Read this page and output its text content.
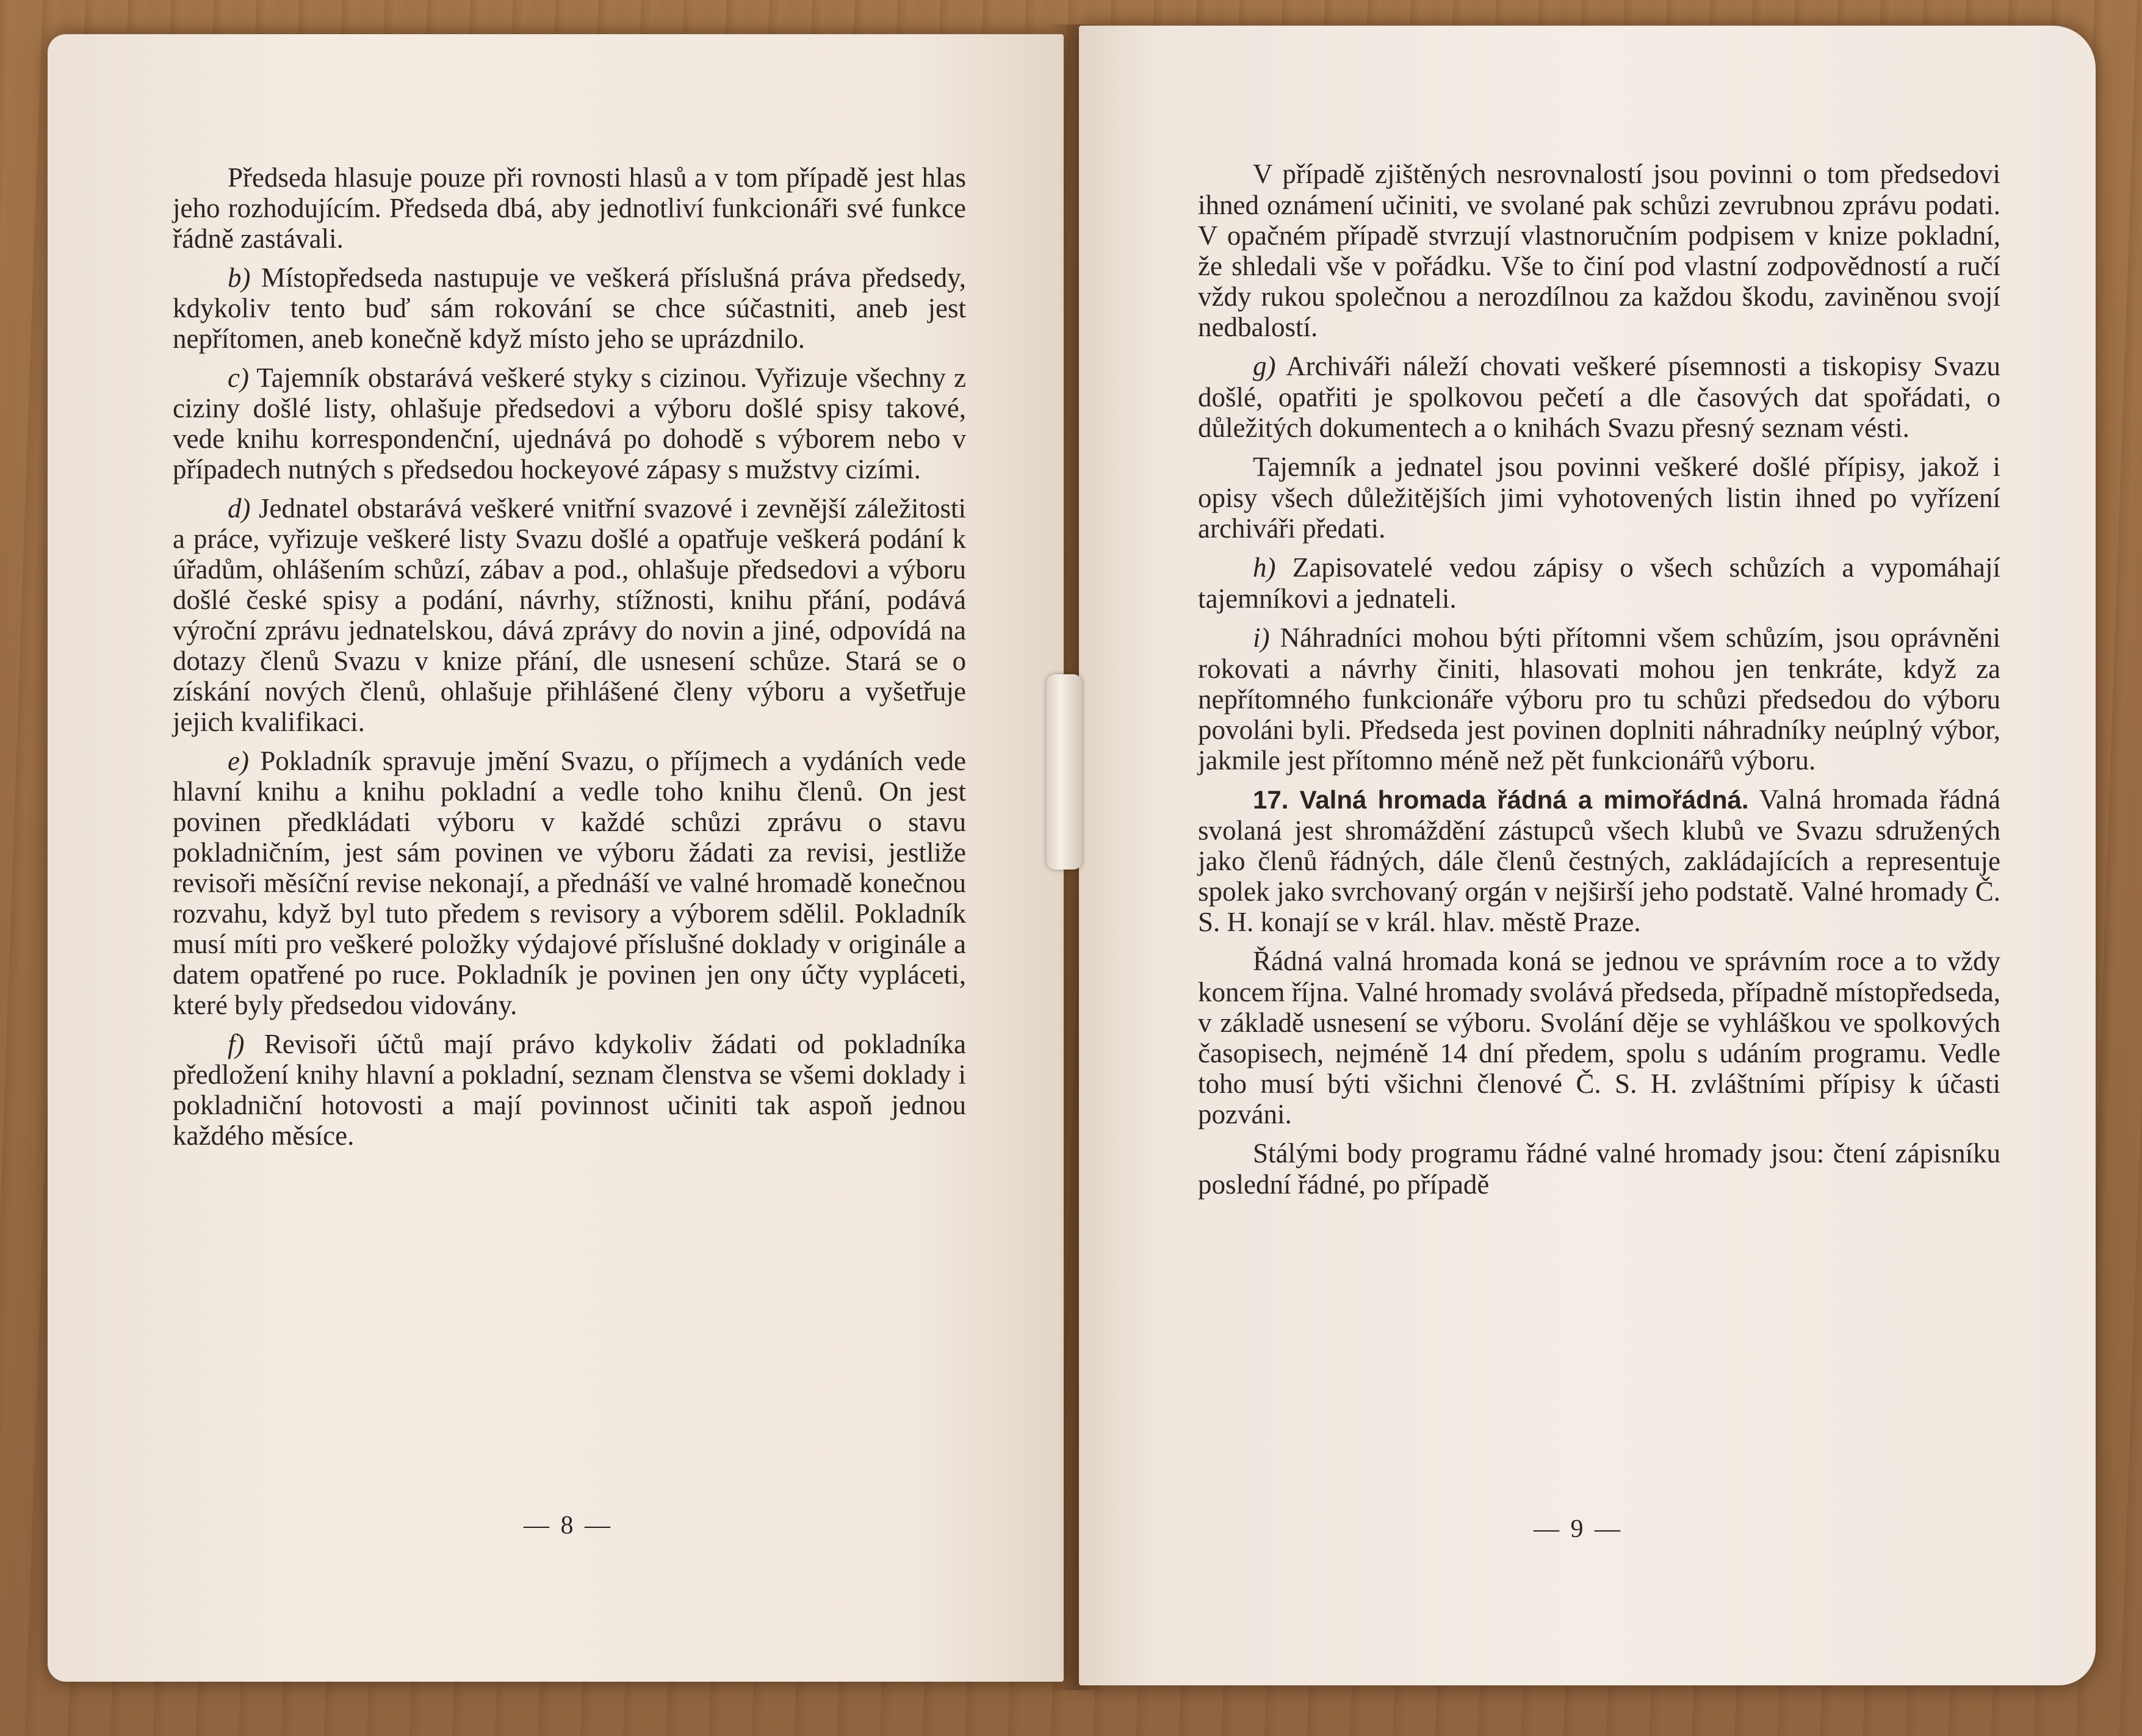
Předseda hlasuje pouze při rovnosti hlasů a v tom případě jest hlas jeho rozhodujícím. Předseda dbá, aby jednotliví funkcionáři své funkce řádně zastávali.

b) Místopředseda nastupuje ve veškerá příslušná práva předsedy, kdykoliv tento buď sám rokování se chce súčastniti, aneb jest nepřítomen, aneb konečně když místo jeho se uprázdnilo.

c) Tajemník obstarává veškeré styky s cizinou. Vyřizuje všechny z ciziny došlé listy, ohlašuje předsedovi a výboru došlé spisy takové, vede knihu korrespondenční, ujednává po dohodě s výborem nebo v případech nutných s předsedou hockeyové zápasy s mužstvy cizími.

d) Jednatel obstarává veškeré vnitřní svazové i zevnější záležitosti a práce, vyřizuje veškeré listy Svazu došlé a opatřuje veškerá podání k úřadům, ohlášením schůzí, zábav a pod., ohlašuje předsedovi a výboru došlé české spisy a podání, návrhy, stížnosti, knihu přání, podává výroční zprávu jednatelskou, dává zprávy do novin a jiné, odpovídá na dotazy členů Svazu v knize přání, dle usnesení schůze. Stará se o získání nových členů, ohlašuje přihlášené členy výboru a vyšetřuje jejich kvalifikaci.

e) Pokladník spravuje jmění Svazu, o příjmech a vydáních vede hlavní knihu a knihu pokladní a vedle toho knihu členů. On jest povinen předkládati výboru v každé schůzi zprávu o stavu pokladničním, jest sám povinen ve výboru žádati za revisi, jestliže revisoři měsíční revise nekonají, a přednáší ve valné hromadě konečnou rozvahu, když byl tuto předem s revisory a výborem sdělil. Pokladník musí míti pro veškeré položky výdajové příslušné doklady v originále a datem opatřené po ruce. Pokladník je povinen jen ony účty vypláceti, které byly předsedou vidovány.

f) Revisoři účtů mají právo kdykoliv žádati od pokladníka předložení knihy hlavní a pokladní, seznam členstva se všemi doklady i pokladniční hotovosti a mají povinnost učiniti tak aspoň jednou každého měsíce.

— 8 —

V případě zjištěných nesrovnalostí jsou povinni o tom předsedovi ihned oznámení učiniti, ve svolané pak schůzi zevrubnou zprávu podati. V opačném případě stvrzují vlastnoručním podpisem v knize pokladní, že shledali vše v pořádku. Vše to činí pod vlastní zodpovědností a ručí vždy rukou společnou a nerozdílnou za každou škodu, zaviněnou svojí nedbalostí.

g) Archiváři náleží chovati veškeré písemnosti a tiskopisy Svazu došlé, opatřiti je spolkovou pečetí a dle časových dat spořádati, o důležitých dokumentech a o knihách Svazu přesný seznam vésti.

Tajemník a jednatel jsou povinni veškeré došlé přípisy, jakož i opisy všech důležitějších jimi vyhotovených listin ihned po vyřízení archiváři předati.

h) Zapisovatelé vedou zápisy o všech schůzích a vypomáhají tajemníkovi a jednateli.

i) Náhradníci mohou býti přítomni všem schůzím, jsou oprávněni rokovati a návrhy činiti, hlasovati mohou jen tenkráte, když za nepřítomného funkcionáře výboru pro tu schůzi předsedou do výboru povoláni byli. Předseda jest povinen doplniti náhradníky neúplný výbor, jakmile jest přítomno méně než pět funkcionářů výboru.

17. Valná hromada řádná a mimořádná. Valná hromada řádná svolaná jest shromáždění zástupců všech klubů ve Svazu sdružených jako členů řádných, dále členů čestných, zakládajících a representuje spolek jako svrchovaný orgán v nejširší jeho podstatě. Valné hromady Č. S. H. konají se v král. hlav. městě Praze.

Řádná valná hromada koná se jednou ve správním roce a to vždy koncem října. Valné hromady svolává předseda, případně místopředseda, v základě usnesení se výboru. Svolání děje se vyhláškou ve spolkových časopisech, nejméně 14 dní předem, spolu s udáním programu. Vedle toho musí býti všichni členové Č. S. H. zvláštními přípisy k účasti pozváni.

Stálými body programu řádné valné hromady jsou: čtení zápisníku poslední řádné, po případě

— 9 —
